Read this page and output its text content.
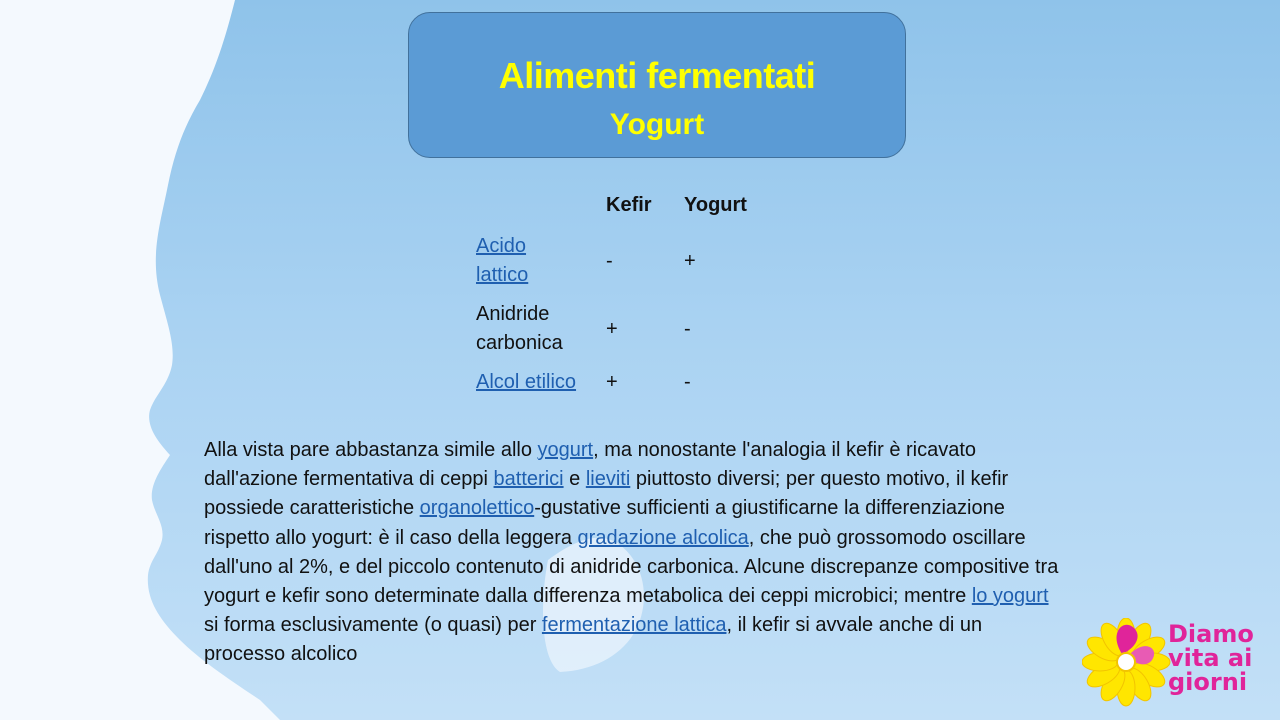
Alimenti fermentati
Yogurt
	Kefir	Yogurt
Acido
lattico	-	+
Anidride
carbonica	+	-
Alcol etilico	+	-
Alla vista pare abbastanza simile allo yogurt, ma nonostante l'analogia il kefir è ricavato dall'azione fermentativa di ceppi batterici e lieviti piuttosto diversi; per questo motivo, il kefir possiede caratteristiche organolettico-gustative sufficienti a giustificarne la differenziazione rispetto allo yogurt: è il caso della leggera gradazione alcolica, che può grossomodo oscillare dall'uno al 2%, e del piccolo contenuto di anidride carbonica. Alcune discrepanze compositive tra yogurt e kefir sono determinate dalla differenza metabolica dei ceppi microbici; mentre lo yogurt si forma esclusivamente (o quasi) per fermentazione lattica, il kefir si avvale anche di un processo alcolico
Diamo
vita ai
giorni
